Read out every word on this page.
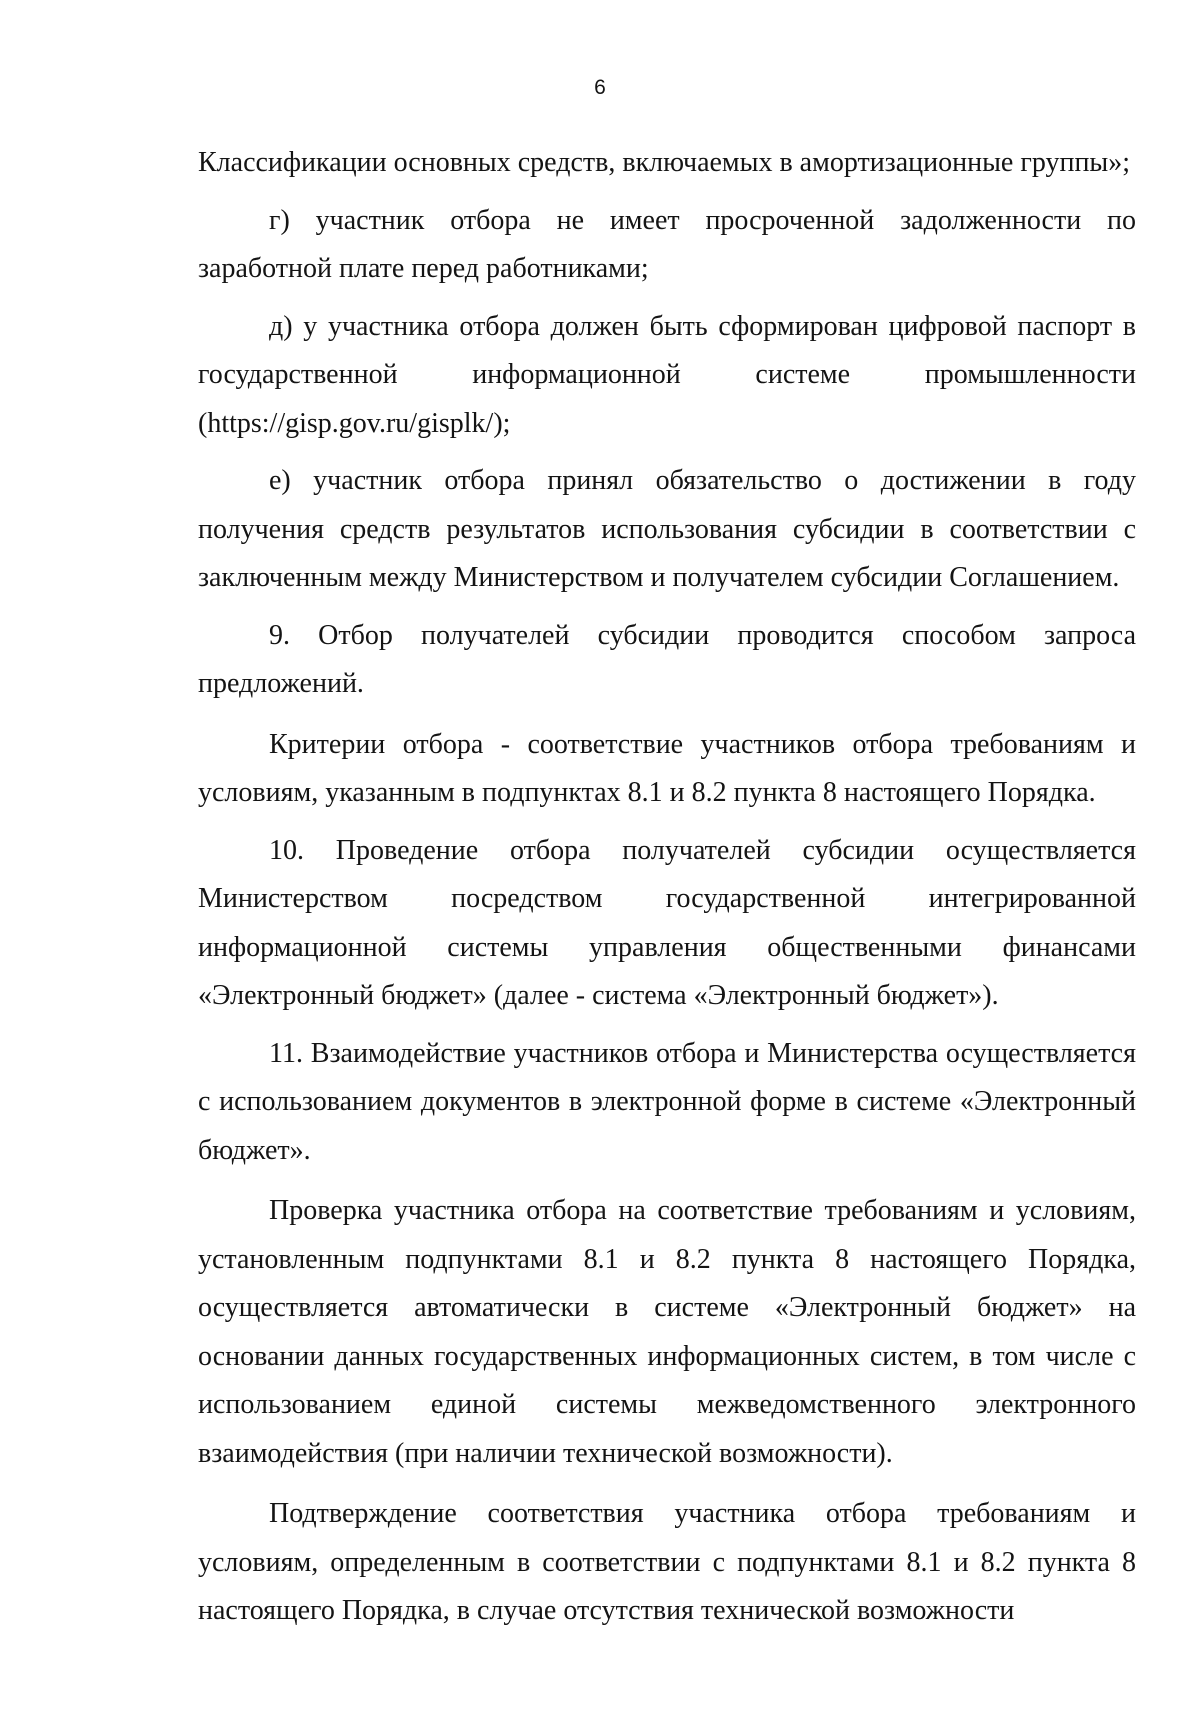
6

Классификации основных средств, включаемых в амортизационные группы»;

г) участник отбора не имеет просроченной задолженности по заработной плате перед работниками;

д) у участника отбора должен быть сформирован цифровой паспорт в государственной информационной системе промышленности (https://gisp.gov.ru/gisplk/);

е) участник отбора принял обязательство о достижении в году получения средств результатов использования субсидии в соответствии с заключенным между Министерством и получателем субсидии Соглашением.

9. Отбор получателей субсидии проводится способом запроса предложений.

Критерии отбора - соответствие участников отбора требованиям и условиям, указанным в подпунктах 8.1 и 8.2 пункта 8 настоящего Порядка.

10. Проведение отбора получателей субсидии осуществляется Министерством посредством государственной интегрированной информационной системы управления общественными финансами «Электронный бюджет» (далее - система «Электронный бюджет»).

11. Взаимодействие участников отбора и Министерства осуществляется с использованием документов в электронной форме в системе «Электронный бюджет».

Проверка участника отбора на соответствие требованиям и условиям, установленным подпунктами 8.1 и 8.2 пункта 8 настоящего Порядка, осуществляется автоматически в системе «Электронный бюджет» на основании данных государственных информационных систем, в том числе с использованием единой системы межведомственного электронного взаимодействия (при наличии технической возможности).

Подтверждение соответствия участника отбора требованиям и условиям, определенным в соответствии с подпунктами 8.1 и 8.2 пункта 8 настоящего Порядка, в случае отсутствия технической возможности
